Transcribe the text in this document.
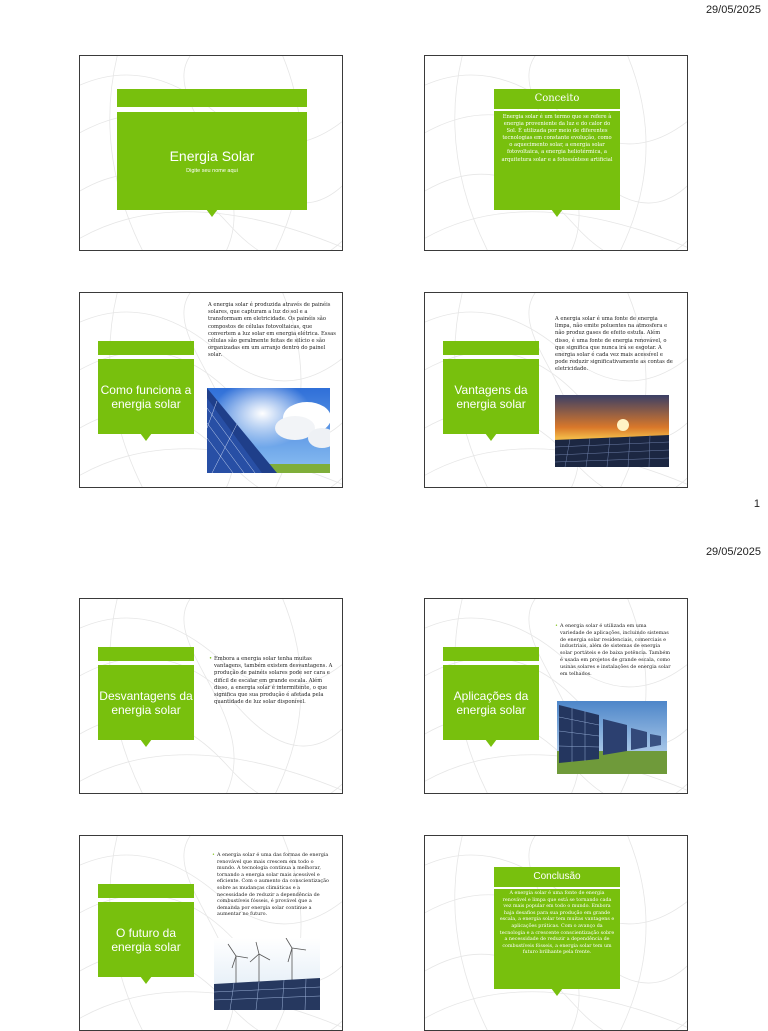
29/05/2025
1
29/05/2025
Energia Solar
Digite seu nome aqui
Conceito
Energia solar é um termo que se refere à energia proveniente da luz e do calor do Sol. É utilizada por meio de diferentes tecnologias em constante evolução, como o aquecimento solar, a energia solar fotovoltaica, a energia heliotérmica, a arquitetura solar e a fotossíntese artificial
Como funciona a energia solar
A energia solar é produzida através de painéis solares, que capturam a luz do sol e a transformam em eletricidade. Os painéis são compostos de células fotovoltaicas, que convertem a luz solar em energia elétrica. Essas células são geralmente feitas de silício e são organizadas em um arranjo dentro do painel solar.
Vantagens da energia solar
A energia solar é uma fonte de energia limpa, não emite poluentes na atmosfera e não produz gases de efeito estufa. Além disso, é uma fonte de energia renovável, o que significa que nunca irá se esgotar. A energia solar é cada vez mais acessível e pode reduzir significativamente as contas de eletricidade.
Desvantagens da energia solar
• Embora a energia solar tenha muitas vantagens, também existem desvantagens. A produção de painéis solares pode ser cara e difícil de escalar em grande escala. Além disso, a energia solar é intermitente, o que significa que sua produção é afetada pela quantidade de luz solar disponível.	Aplicações da energia solar
• A energia solar é utilizada em uma variedade de aplicações, incluindo sistemas de energia solar residenciais, comerciais e industriais, além de sistemas de energia solar portáteis e de baixa potência. Também é usada em projetos de grande escala, como usinas solares e instalações de energia solar em telhados.
O futuro da energia solar
• A energia solar é uma das formas de energia renovável que mais crescem em todo o mundo. A tecnologia continua a melhorar, tornando a energia solar mais acessível e eficiente. Com o aumento da conscientização sobre as mudanças climáticas e a necessidade de reduzir a dependência de combustíveis fósseis, é provável que a demanda por energia solar continue a aumentar no futuro.
Conclusão
A energia solar é uma fonte de energia renovável e limpa que está se tornando cada vez mais popular em todo o mundo. Embora haja desafios para sua produção em grande escala, a energia solar tem muitas vantagens e aplicações práticas. Com o avanço da tecnologia e a crescente conscientização sobre a necessidade de reduzir a dependência de combustíveis fósseis, a energia solar tem um futuro brilhante pela frente.
